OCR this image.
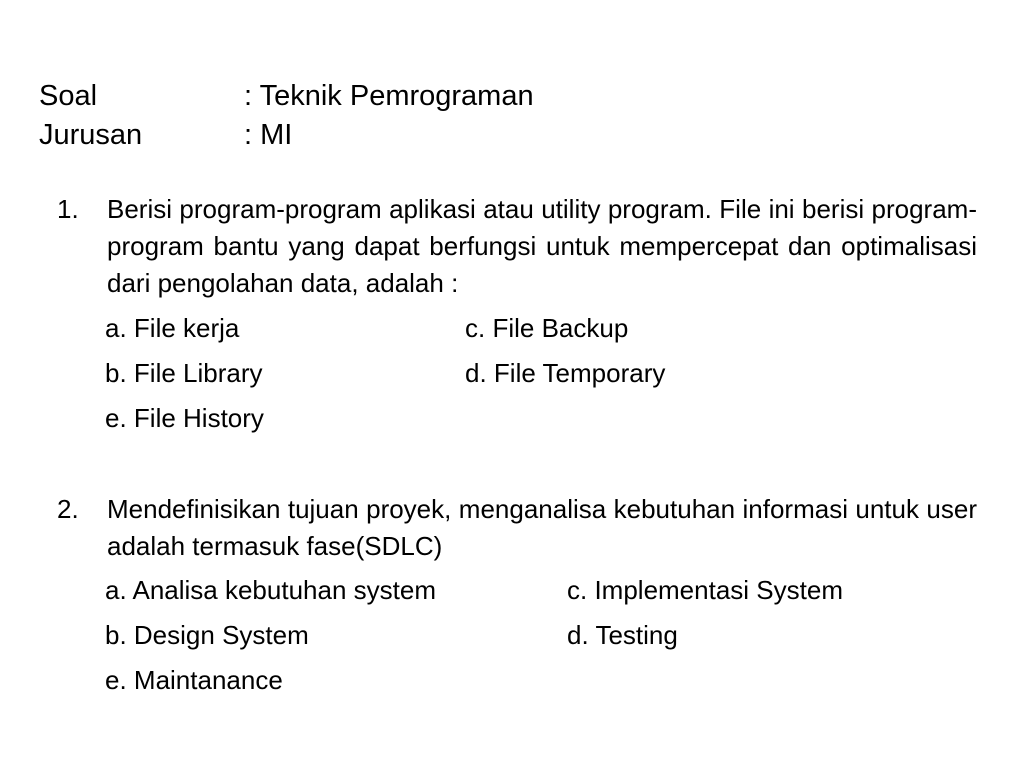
Soal	: Teknik Pemrograman
Jurusan	: MI
1. Berisi program-program aplikasi atau utility program. File ini berisi program-program bantu yang dapat berfungsi untuk mempercepat dan optimalisasi dari pengolahan data, adalah :
a. File kerja	c. File Backup
b. File Library	d. File Temporary
e. File History
2. Mendefinisikan tujuan proyek, menganalisa kebutuhan informasi untuk user adalah termasuk fase(SDLC)
a. Analisa kebutuhan system	c. Implementasi System
b. Design System	d. Testing
e. Maintanance
